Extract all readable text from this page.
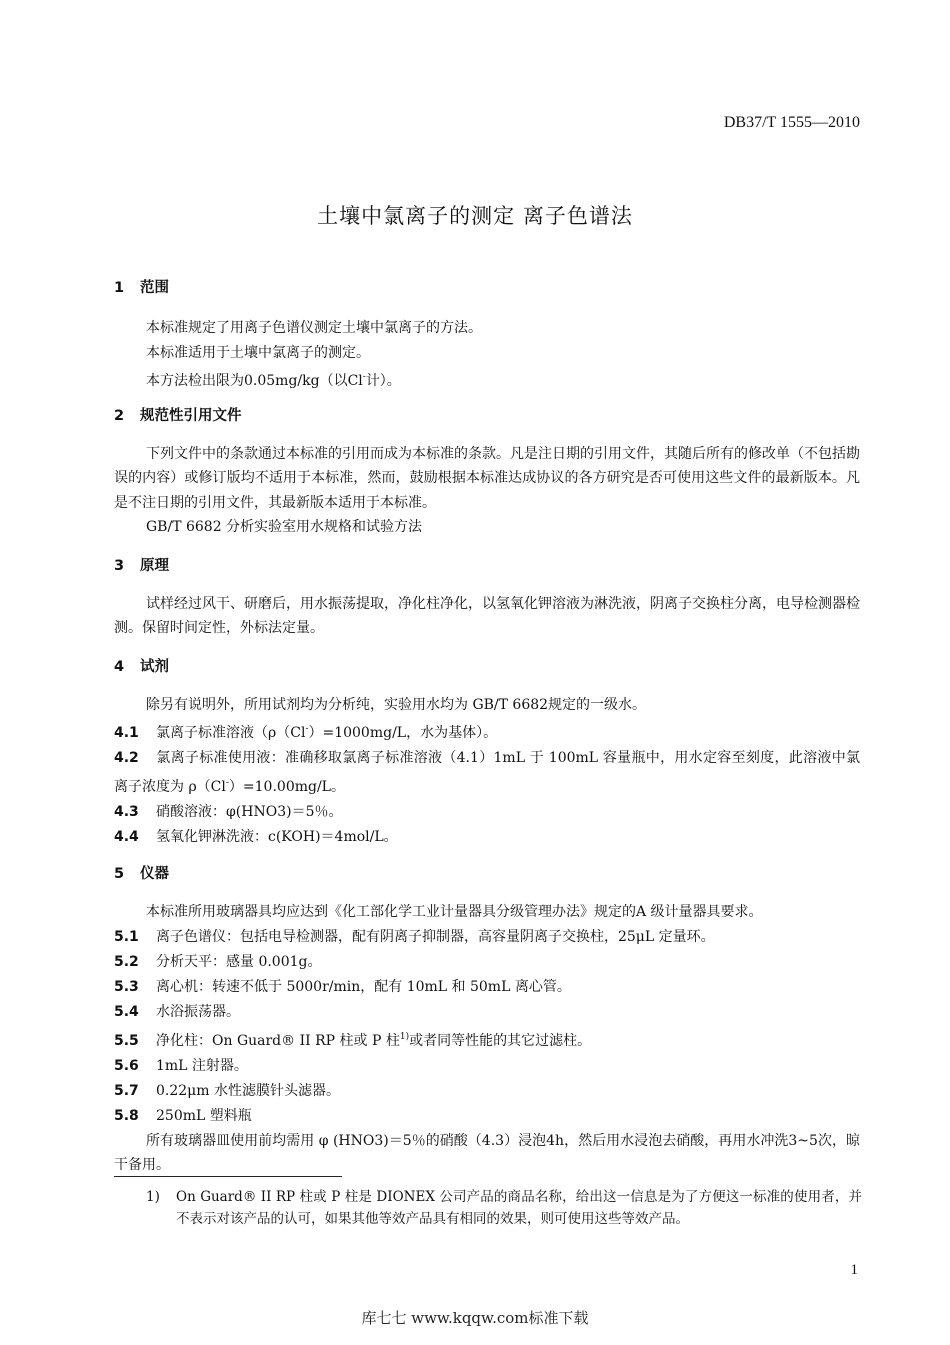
DB37/T 1555—2010
土壤中氯离子的测定 离子色谱法
1 范围

本标准规定了用离子色谱仪测定土壤中氯离子的方法。

本标准适用于土壤中氯离子的测定。

本方法检出限为0.05mg/kg（以Cl-计）。

2 规范性引用文件

下列文件中的条款通过本标准的引用而成为本标准的条款。凡是注日期的引用文件，其随后所有的修改单（不包括勘误的内容）或修订版均不适用于本标准，然而，鼓励根据本标准达成协议的各方研究是否可使用这些文件的最新版本。凡是不注日期的引用文件，其最新版本适用于本标准。

GB/T 6682 分析实验室用水规格和试验方法

3 原理

试样经过风干、研磨后，用水振荡提取，净化柱净化，以氢氧化钾溶液为淋洗液，阴离子交换柱分离，电导检测器检测。保留时间定性，外标法定量。

4 试剂

除另有说明外，所用试剂均为分析纯，实验用水均为 GB/T 6682规定的一级水。

4.1 氯离子标准溶液（ρ（Cl-）=1000mg/L，水为基体）。
4.2 氯离子标准使用液：准确移取氯离子标准溶液（4.1）1mL 于 100mL 容量瓶中，用水定容至刻度，此溶液中氯离子浓度为 ρ（Cl-）=10.00mg/L。
4.3 硝酸溶液：φ(HNO3)＝5％。
4.4 氢氧化钾淋洗液：c(KOH)＝4mol/L。
5 仪器

本标准所用玻璃器具均应达到《化工部化学工业计量器具分级管理办法》规定的A 级计量器具要求。

5.1 离子色谱仪：包括电导检测器，配有阴离子抑制器，高容量阴离子交换柱，25μL 定量环。
5.2 分析天平：感量 0.001g。
5.3 离心机：转速不低于 5000r/min，配有 10mL 和 50mL 离心管。
5.4 水浴振荡器。
5.5 净化柱：On Guard® II RP 柱或 P 柱$^{1)}$或者同等性能的其它过滤柱。
5.6 1mL 注射器。
5.7 0.22μm 水性滤膜针头滤器。
5.8 250mL 塑料瓶

所有玻璃器皿使用前均需用 φ (HNO3)＝5％的硝酸（4.3）浸泡4h，然后用水浸泡去硝酸，再用水冲洗3~5次，晾干备用。

1) On Guard® II RP 柱或 P 柱是 DIONEX 公司产品的商品名称，给出这一信息是为了方便这一标准的使用者，并不表示对该产品的认可，如果其他等效产品具有相同的效果，则可使用这些等效产品。
1
库七七 www.kqqw.com标准下载
